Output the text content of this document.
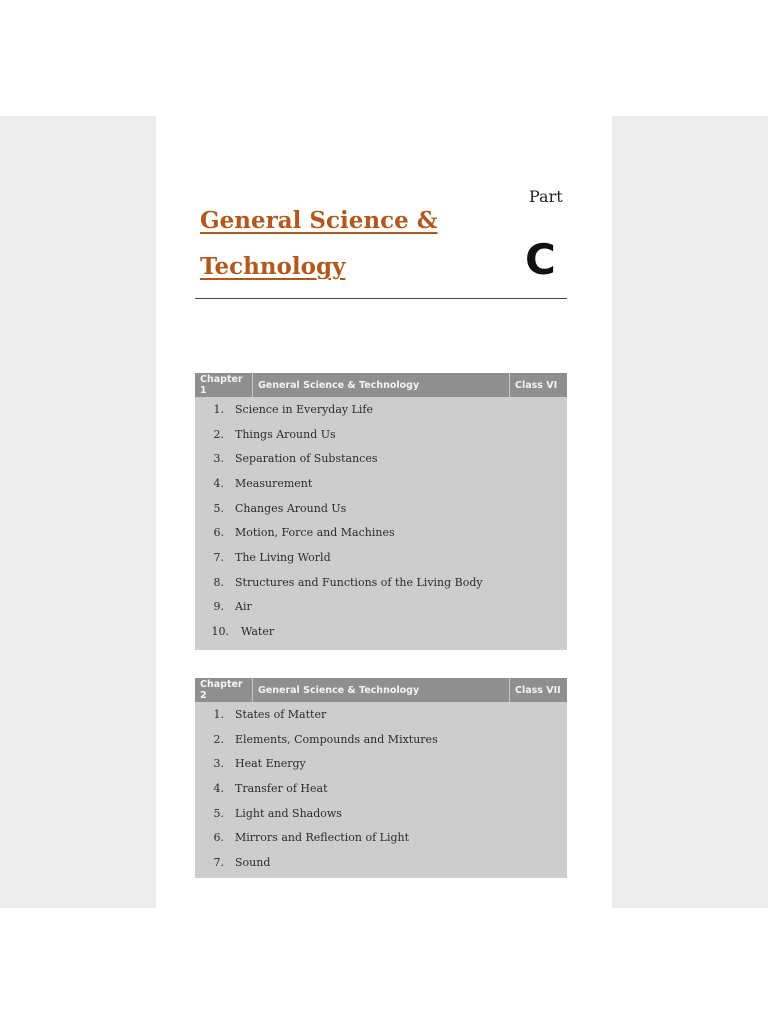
General Science &
Technology
Part
C
Chapter 1	General Science & Technology	Class VI
1.	Science in Everyday Life
2.	Things Around Us
3.	Separation of Substances
4.	Measurement
5.	Changes Around Us
6.	Motion, Force and Machines
7.	The Living World
8.	Structures and Functions of the Living Body
9.	Air
10.	Water
Chapter 2	General Science & Technology	Class VII
1.	States of Matter
2.	Elements, Compounds and Mixtures
3.	Heat Energy
4.	Transfer of Heat
5.	Light and Shadows
6.	Mirrors and Reflection of Light
7.	Sound
